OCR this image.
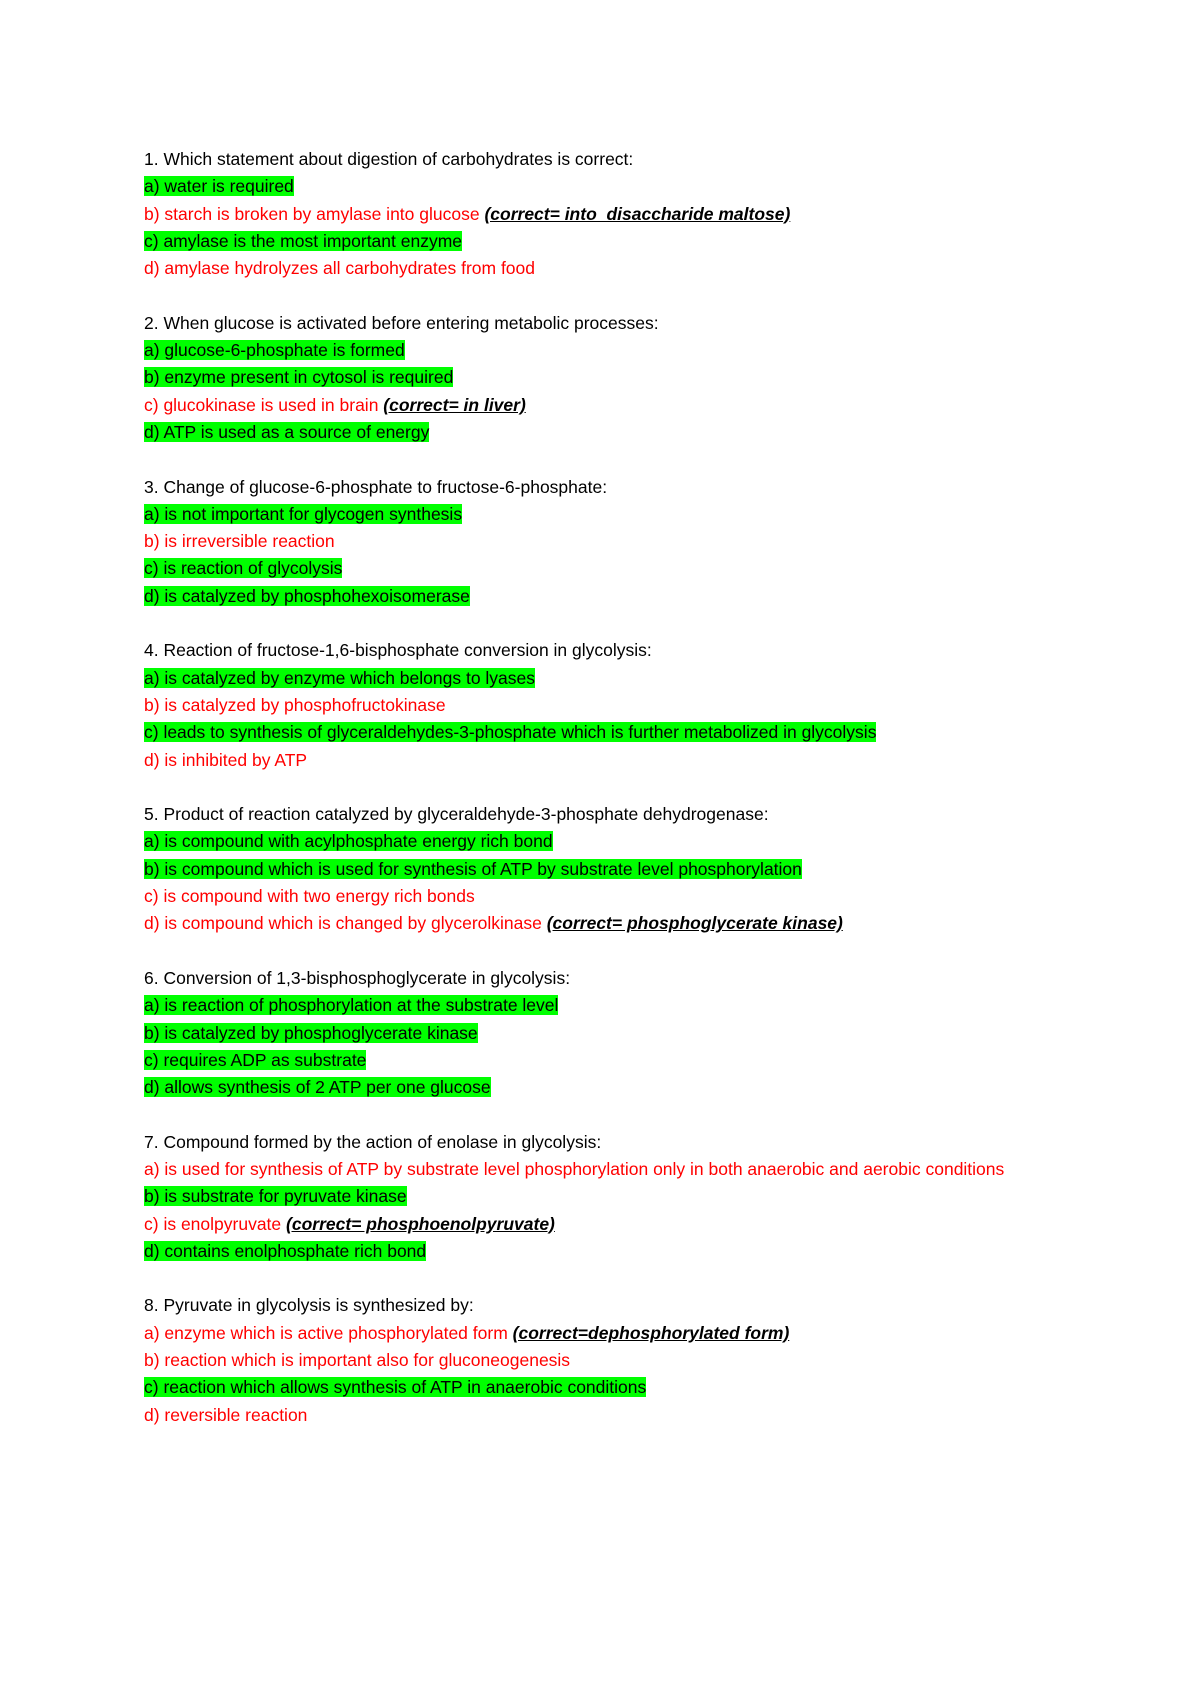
1. Which statement about digestion of carbohydrates is correct:
a) water is required
b) starch is broken by amylase into glucose (correct= into  disaccharide maltose)
c) amylase is the most important enzyme
d) amylase hydrolyzes all carbohydrates from food
2. When glucose is activated before entering metabolic processes:
a) glucose-6-phosphate is formed
b) enzyme present in cytosol is required
c) glucokinase is used in brain (correct= in liver)
d) ATP is used as a source of energy
3. Change of glucose-6-phosphate to fructose-6-phosphate:
a) is not important for glycogen synthesis
b) is irreversible reaction
c) is reaction of glycolysis
d) is catalyzed by phosphohexoisomerase
4. Reaction of fructose-1,6-bisphosphate conversion in glycolysis:
a) is catalyzed by enzyme which belongs to lyases
b) is catalyzed by phosphofructokinase
c) leads to synthesis of glyceraldehydes-3-phosphate which is further metabolized in glycolysis
d) is inhibited by ATP
5. Product of reaction catalyzed by glyceraldehyde-3-phosphate dehydrogenase:
a) is compound with acylphosphate energy rich bond
b) is compound which is used for synthesis of ATP by substrate level phosphorylation
c) is compound with two energy rich bonds
d) is compound which is changed by glycerolkinase (correct= phosphoglycerate kinase)
6. Conversion of 1,3-bisphosphoglycerate in glycolysis:
a) is reaction of phosphorylation at the substrate level
b) is catalyzed by phosphoglycerate kinase
c) requires ADP as substrate
d) allows synthesis of 2 ATP per one glucose
7. Compound formed by the action of enolase in glycolysis:
a) is used for synthesis of ATP by substrate level phosphorylation only in both anaerobic and aerobic conditions
b) is substrate for pyruvate kinase
c) is enolpyruvate (correct= phosphoenolpyruvate)
d) contains enolphosphate rich bond
8. Pyruvate in glycolysis is synthesized by:
a) enzyme which is active phosphorylated form (correct=dephosphorylated form)
b) reaction which is important also for gluconeogenesis
c) reaction which allows synthesis of ATP in anaerobic conditions
d) reversible reaction
